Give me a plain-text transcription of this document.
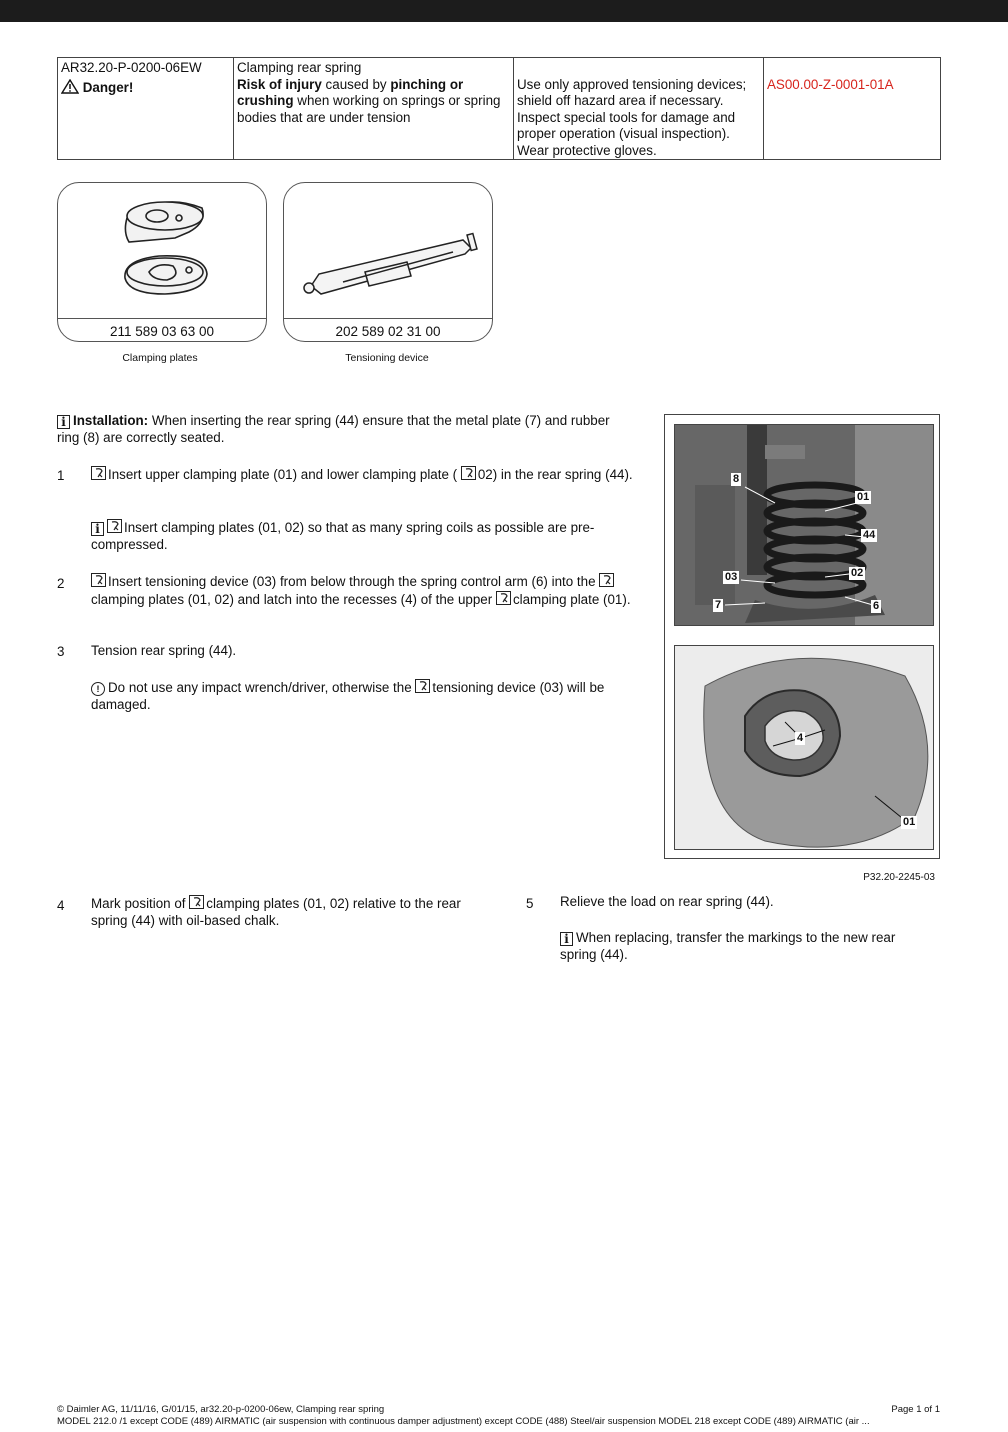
AR32.20-P-0200-06EW
Danger!
Clamping rear spring
Risk of injury caused by pinching or crushing when working on springs or spring bodies that are under tension
Use only approved tensioning devices; shield off hazard area if necessary. Inspect special tools for damage and proper operation (visual inspection). Wear protective gloves.
AS00.00-Z-0001-01A
211 589 03 63 00
Clamping plates
202 589 02 31 00
Tensioning device
i Installation: When inserting the rear spring (44) ensure that the metal plate (7) and rubber ring (8) are correctly seated.
1	Insert upper clamping plate (01) and lower clamping plate ( 02) in the rear spring (44).
i Insert clamping plates (01, 02) so that as many spring coils as possible are pre-compressed.
2	Insert tensioning device (03) from below through the spring control arm (6) into the
clamping plates (01, 02) and latch into the recesses (4) of the upper clamping plate (01).
3 Tension rear spring (44).
! Do not use any impact wrench/driver, otherwise the tensioning device (03) will be damaged.
8
01
44
03	02
7	6
4
01
P32.20-2245-03
4 Mark position of clamping plates (01, 02) relative to the rear spring (44) with oil-based chalk.
5 Relieve the load on rear spring (44).
i When replacing, transfer the markings to the new rear spring (44).
© Daimler AG, 11/11/16, G/01/15, ar32.20-p-0200-06ew, Clamping rear spring	Page 1 of 1
MODEL 212.0 /1 except CODE (489) AIRMATIC (air suspension with continuous damper adjustment) except CODE (488) Steel/air suspension MODEL 218 except CODE (489) AIRMATIC (air ...
